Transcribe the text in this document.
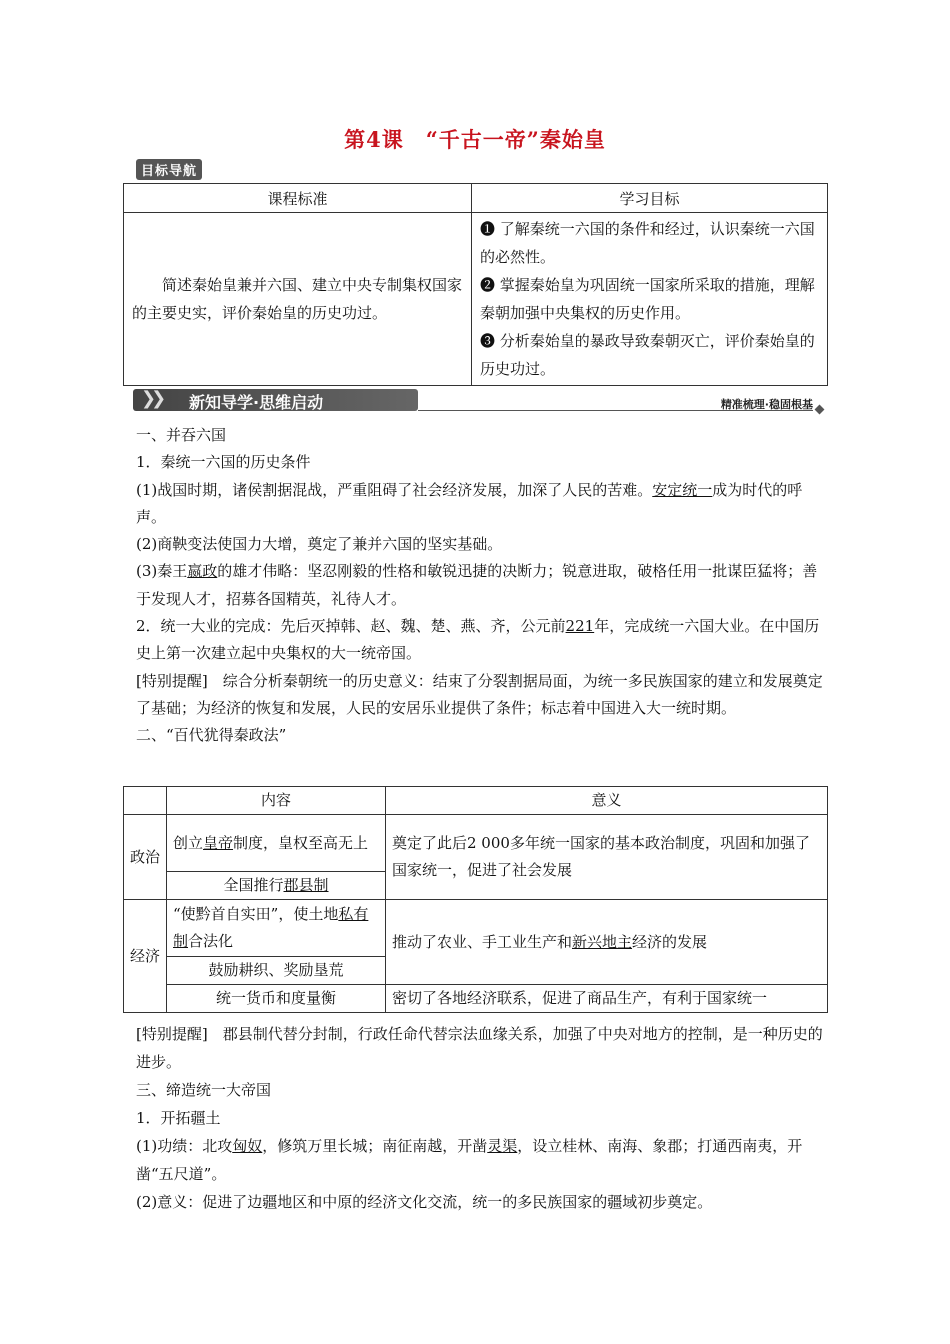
第4课　“千古一帝”秦始皇
目标导航
课程标准	学习目标
简述秦始皇兼并六国、建立中央专制集权国家的主要史实，评价秦始皇的历史功过。	❶ 了解秦统一六国的条件和经过，认识秦统一六国的必然性。
❷ 掌握秦始皇为巩固统一国家所采取的措施，理解秦朝加强中央集权的历史作用。
❸ 分析秦始皇的暴政导致秦朝灭亡，评价秦始皇的历史功过。
❯❯ 新知导学·思维启动	精准梳理·稳固根基

一、并吞六国

1．秦统一六国的历史条件

(1)战国时期，诸侯割据混战，严重阻碍了社会经济发展，加深了人民的苦难。安定统一成为时代的呼声。

(2)商鞅变法使国力大增，奠定了兼并六国的坚实基础。

(3)秦王嬴政的雄才伟略：坚忍刚毅的性格和敏锐迅捷的决断力；锐意进取，破格任用一批谋臣猛将；善于发现人才，招募各国精英，礼待人才。

2．统一大业的完成：先后灭掉韩、赵、魏、楚、燕、齐，公元前221年，完成统一六国大业。在中国历史上第一次建立起中央集权的大一统帝国。

[特别提醒]　综合分析秦朝统一的历史意义：结束了分裂割据局面，为统一多民族国家的建立和发展奠定了基础；为经济的恢复和发展，人民的安居乐业提供了条件；标志着中国进入大一统时期。

二、“百代犹得秦政法”

	内容	意义
政治	创立皇帝制度，皇权至高无上	奠定了此后2 000多年统一国家的基本政治制度，巩固和加强了国家统一，促进了社会发展
	全国推行郡县制	
经济	“使黔首自实田”，使土地私有制合法化	推动了农业、手工业生产和新兴地主经济的发展
	鼓励耕织、奖励垦荒	
	统一货币和度量衡	密切了各地经济联系，促进了商品生产，有利于国家统一

[特别提醒]　郡县制代替分封制，行政任命代替宗法血缘关系，加强了中央对地方的控制，是一种历史的进步。

三、缔造统一大帝国

1．开拓疆土

(1)功绩：北攻匈奴，修筑万里长城；南征南越，开凿灵渠，设立桂林、南海、象郡；打通西南夷，开凿“五尺道”。

(2)意义：促进了边疆地区和中原的经济文化交流，统一的多民族国家的疆域初步奠定。
